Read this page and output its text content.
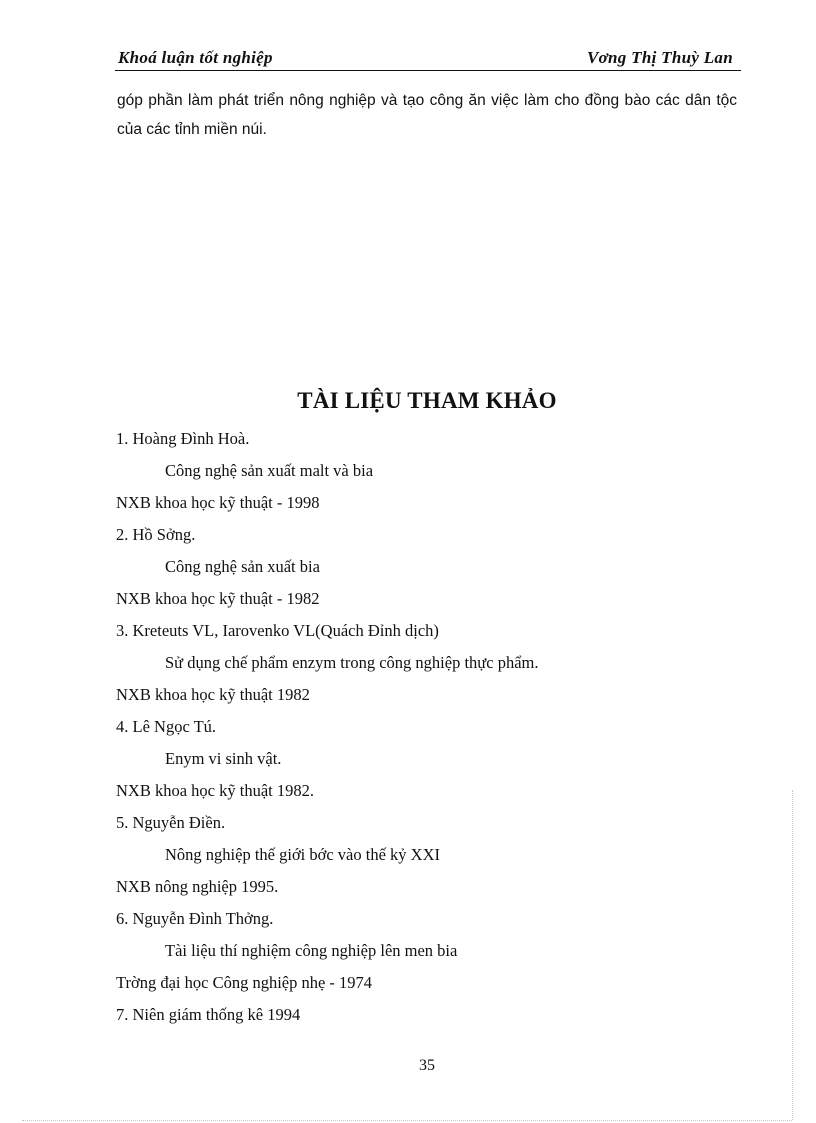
Khoá luận tốt nghiệp	Vơng Thị Thuỳ Lan
góp phần làm phát triển nông nghiệp và tạo công ăn việc làm cho đồng bào các dân tộc của các tỉnh miền núi.
TÀI LIỆU THAM KHẢO
1. Hoàng Đình Hoà.
Công nghệ sản xuất malt và bia
NXB khoa học kỹ thuật - 1998
2. Hồ Sởng.
Công nghệ sản xuất bia
NXB khoa học kỹ thuật - 1982
3. Kreteuts VL, Iarovenko VL(Quách Đỉnh dịch)
Sử dụng chế phẩm enzym trong công nghiệp thực phẩm.
NXB khoa học kỹ thuật 1982
4. Lê Ngọc Tú.
Enym vi sinh vật.
NXB khoa học kỹ thuật 1982.
5. Nguyễn Điền.
Nông nghiệp thế giới bớc vào thế kỷ XXI
NXB nông nghiệp 1995.
6. Nguyễn Đình Thởng.
Tài liệu thí nghiệm công nghiệp lên men bia
Trờng đại học Công nghiệp nhẹ - 1974
7. Niên giám thống kê 1994
35
